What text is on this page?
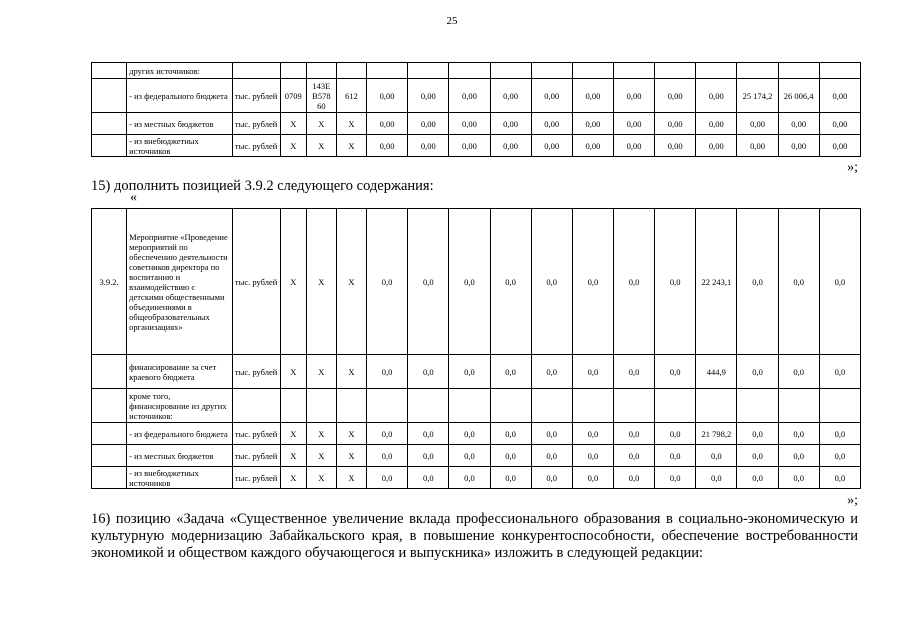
25
	других источников:																
	- из федерального бюджета	тыс. рублей	0709	143E B578 60	612	0,00	0,00	0,00	0,00	0,00	0,00	0,00	0,00	0,00	25 174,2	26 006,4	0,00
	- из местных бюджетов	тыс. рублей	Х	Х	Х	0,00	0,00	0,00	0,00	0,00	0,00	0,00	0,00	0,00	0,00	0,00	0,00
	- из внебюджетных источников	тыс. рублей	Х	Х	Х	0,00	0,00	0,00	0,00	0,00	0,00	0,00	0,00	0,00	0,00	0,00	0,00
»;
15) дополнить позицией 3.9.2 следующего содержания:
«
3.9.2.	Мероприятие «Проведение мероприятий по обеспечению деятельности советников директора по воспитанию и взаимодействию с детскими общественными объединениями в общеобразовательных организациях»	тыс. рублей	Х	Х	Х	0,0	0,0	0,0	0,0	0,0	0,0	0,0	0,0	22 243,1	0,0	0,0	0,0
	финансирование за счет краевого бюджета	тыс. рублей	Х	Х	Х	0,0	0,0	0,0	0,0	0,0	0,0	0,0	0,0	444,9	0,0	0,0	0,0
	кроме того, финансирование из других источников:																
	- из федерального бюджета	тыс. рублей	Х	Х	Х	0,0	0,0	0,0	0,0	0,0	0,0	0,0	0,0	21 798,2	0,0	0,0	0,0
	- из местных бюджетов	тыс. рублей	Х	Х	Х	0,0	0,0	0,0	0,0	0,0	0,0	0,0	0,0	0,0	0,0	0,0	0,0
	- из внебюджетных источников	тыс. рублей	Х	Х	Х	0,0	0,0	0,0	0,0	0,0	0,0	0,0	0,0	0,0	0,0	0,0	0,0
»;
16) позицию «Задача «Существенное увеличение вклада профессионального образования в социально-экономическую и культурную модернизацию Забайкальского края, в повышение конкурентоспособности, обеспечение востребованности экономикой и обществом каждого обучающегося и выпускника» изложить в следующей редакции:
